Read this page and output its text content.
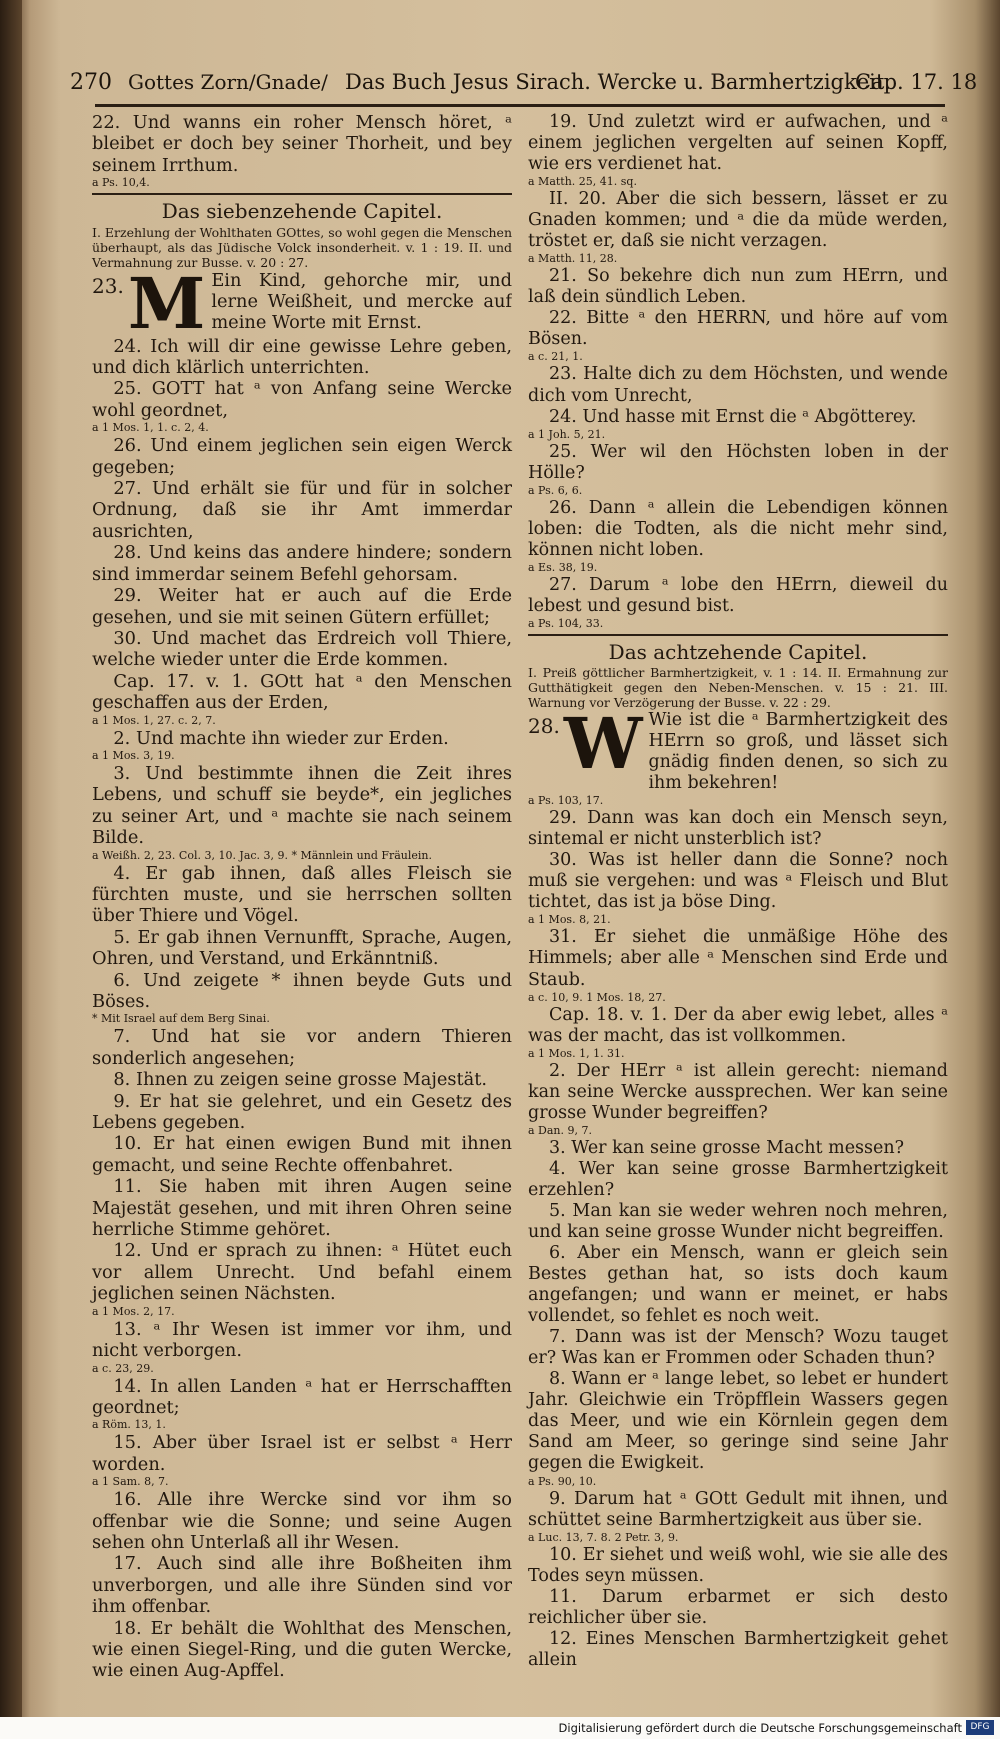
270 Gottes Zorn/Gnade/ Das Buch Jesus Sirach. Wercke u. Barmhertzigkeit.
Cap. 17. 18

22. Und wanns ein roher Mensch höret, ᵃ bleibet er doch bey seiner Thorheit, und bey seinem Irrthum.

a Ps. 10,4.

Das siebenzehende Capitel.

I. Erzehlung der Wohlthaten GOttes, so wohl gegen die Menschen überhaupt, als das Jüdische Volck insonderheit. v. 1 : 19. II. und Vermahnung zur Busse. v. 20 : 27.

23. M Ein Kind, gehorche mir, und lerne Weißheit, und mercke auf meine Worte mit Ernst.

24. Ich will dir eine gewisse Lehre geben, und dich klärlich unterrichten.

25. GOTT hat ᵃ von Anfang seine Wercke wohl geordnet,

a 1 Mos. 1, 1. c. 2, 4.

26. Und einem jeglichen sein eigen Werck gegeben;

27. Und erhält sie für und für in solcher Ordnung, daß sie ihr Amt immerdar ausrichten,

28. Und keins das andere hindere; sondern sind immerdar seinem Befehl gehorsam.

29. Weiter hat er auch auf die Erde gesehen, und sie mit seinen Gütern erfüllet;

30. Und machet das Erdreich voll Thiere, welche wieder unter die Erde kommen.

Cap. 17. v. 1. GOtt hat ᵃ den Menschen geschaffen aus der Erden,

a 1 Mos. 1, 27. c. 2, 7.

2. Und machte ihn wieder zur Erden.

a 1 Mos. 3, 19.

3. Und bestimmte ihnen die Zeit ihres Lebens, und schuff sie beyde*, ein jegliches zu seiner Art, und ᵃ machte sie nach seinem Bilde.

a Weißh. 2, 23. Col. 3, 10. Jac. 3, 9. * Männlein und Fräulein.

4. Er gab ihnen, daß alles Fleisch sie fürchten muste, und sie herrschen sollten über Thiere und Vögel.

5. Er gab ihnen Vernunfft, Sprache, Augen, Ohren, und Verstand, und Erkänntniß.

6. Und zeigete * ihnen beyde Guts und Böses.

* Mit Israel auf dem Berg Sinai.

7. Und hat sie vor andern Thieren sonderlich angesehen;

8. Ihnen zu zeigen seine grosse Majestät.

9. Er hat sie gelehret, und ein Gesetz des Lebens gegeben.

10. Er hat einen ewigen Bund mit ihnen gemacht, und seine Rechte offenbahret.

11. Sie haben mit ihren Augen seine Majestät gesehen, und mit ihren Ohren seine herrliche Stimme gehöret.

12. Und er sprach zu ihnen: ᵃ Hütet euch vor allem Unrecht. Und befahl einem jeglichen seinen Nächsten.

a 1 Mos. 2, 17.

13. ᵃ Ihr Wesen ist immer vor ihm, und nicht verborgen.

a c. 23, 29.

14. In allen Landen ᵃ hat er Herrschafften geordnet;

a Röm. 13, 1.

15. Aber über Israel ist er selbst ᵃ Herr worden.

a 1 Sam. 8, 7.

16. Alle ihre Wercke sind vor ihm so offenbar wie die Sonne; und seine Augen sehen ohn Unterlaß all ihr Wesen.

17. Auch sind alle ihre Boßheiten ihm unverborgen, und alle ihre Sünden sind vor ihm offenbar.

18. Er behält die Wohlthat des Menschen, wie einen Siegel-Ring, und die guten Wercke, wie einen Aug-Apffel.

19. Und zuletzt wird er aufwachen, und ᵃ einem jeglichen vergelten auf seinen Kopff, wie ers verdienet hat.

a Matth. 25, 41. sq.

II. 20. Aber die sich bessern, lässet er zu Gnaden kommen; und ᵃ die da müde werden, tröstet er, daß sie nicht verzagen.

a Matth. 11, 28.

21. So bekehre dich nun zum HErrn, und laß dein sündlich Leben.

22. Bitte ᵃ den HERRN, und höre auf vom Bösen.

a c. 21, 1.

23. Halte dich zu dem Höchsten, und wende dich vom Unrecht,

24. Und hasse mit Ernst die ᵃ Abgötterey.

a 1 Joh. 5, 21.

25. Wer wil den Höchsten loben in der Hölle?

a Ps. 6, 6.

26. Dann ᵃ allein die Lebendigen können loben: die Todten, als die nicht mehr sind, können nicht loben.

a Es. 38, 19.

27. Darum ᵃ lobe den HErrn, dieweil du lebest und gesund bist.

a Ps. 104, 33.

Das achtzehende Capitel.

I. Preiß göttlicher Barmhertzigkeit, v. 1 : 14. II. Ermahnung zur Gutthätigkeit gegen den Neben-Menschen. v. 15 : 21. III. Warnung vor Verzögerung der Busse. v. 22 : 29.

28. W Wie ist die ᵃ Barmhertzigkeit des HErrn so groß, und lässet sich gnädig finden denen, so sich zu ihm bekehren!

a Ps. 103, 17.

29. Dann was kan doch ein Mensch seyn, sintemal er nicht unsterblich ist?

30. Was ist heller dann die Sonne? noch muß sie vergehen: und was ᵃ Fleisch und Blut tichtet, das ist ja böse Ding.

a 1 Mos. 8, 21.

31. Er siehet die unmäßige Höhe des Himmels; aber alle ᵃ Menschen sind Erde und Staub.

a c. 10, 9. 1 Mos. 18, 27.

Cap. 18. v. 1. Der da aber ewig lebet, alles ᵃ was der macht, das ist vollkommen.

a 1 Mos. 1, 1. 31.

2. Der HErr ᵃ ist allein gerecht: niemand kan seine Wercke aussprechen. Wer kan seine grosse Wunder begreiffen?

a Dan. 9, 7.

3. Wer kan seine grosse Macht messen?

4. Wer kan seine grosse Barmhertzigkeit erzehlen?

5. Man kan sie weder wehren noch mehren, und kan seine grosse Wunder nicht begreiffen.

6. Aber ein Mensch, wann er gleich sein Bestes gethan hat, so ists doch kaum angefangen; und wann er meinet, er habs vollendet, so fehlet es noch weit.

7. Dann was ist der Mensch? Wozu tauget er? Was kan er Frommen oder Schaden thun?

8. Wann er ᵃ lange lebet, so lebet er hundert Jahr. Gleichwie ein Tröpfflein Wassers gegen das Meer, und wie ein Körnlein gegen dem Sand am Meer, so geringe sind seine Jahr gegen die Ewigkeit.

a Ps. 90, 10.

9. Darum hat ᵃ GOtt Gedult mit ihnen, und schüttet seine Barmhertzigkeit aus über sie.

a Luc. 13, 7. 8. 2 Petr. 3, 9.

10. Er siehet und weiß wohl, wie sie alle des Todes seyn müssen.

11. Darum erbarmet er sich desto reichlicher über sie.

12. Eines Menschen Barmhertzigkeit gehet allein

Digitalisierung gefördert durch die Deutsche Forschungsgemeinschaft DFG
